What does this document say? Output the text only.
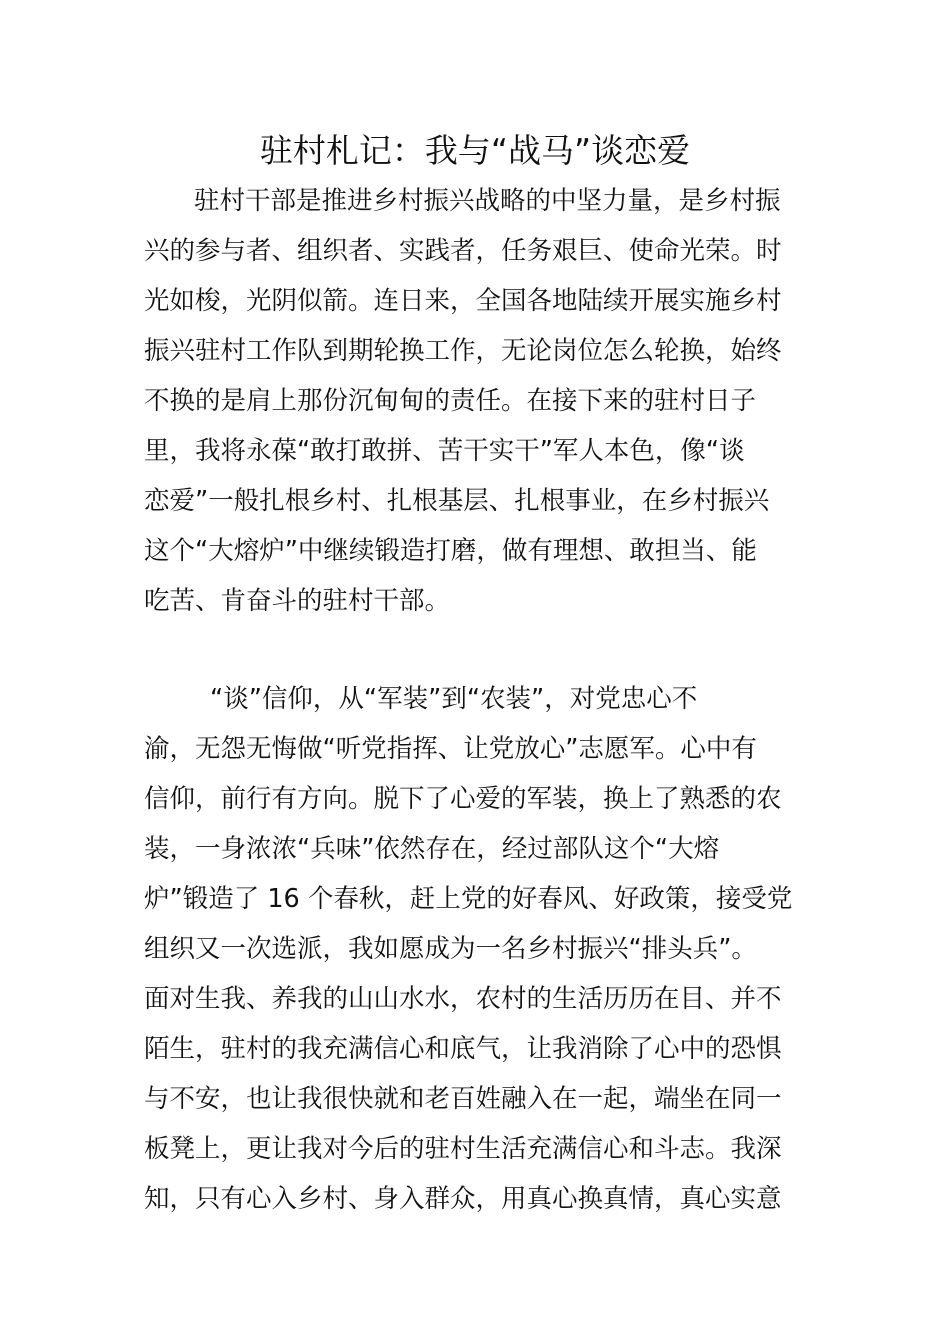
驻村札记：我与“战马”谈恋爱

驻村干部是推进乡村振兴战略的中坚力量，是乡村振

兴的参与者、组织者、实践者，任务艰巨、使命光荣。时

光如梭，光阴似箭。连日来，全国各地陆续开展实施乡村

振兴驻村工作队到期轮换工作，无论岗位怎么轮换，始终

不换的是肩上那份沉甸甸的责任。在接下来的驻村日子

里，我将永葆“敢打敢拼、苦干实干”军人本色，像“谈

恋爱”一般扎根乡村、扎根基层、扎根事业，在乡村振兴

这个“大熔炉”中继续锻造打磨，做有理想、敢担当、能

吃苦、肯奋斗的驻村干部。

“谈”信仰，从“军装”到“农装”，对党忠心不

渝，无怨无悔做“听党指挥、让党放心”志愿军。心中有

信仰，前行有方向。脱下了心爱的军装，换上了熟悉的农

装，一身浓浓“兵味”依然存在，经过部队这个“大熔

炉”锻造了 16 个春秋，赶上党的好春风、好政策，接受党

组织又一次选派，我如愿成为一名乡村振兴“排头兵”。

面对生我、养我的山山水水，农村的生活历历在目、并不

陌生，驻村的我充满信心和底气，让我消除了心中的恐惧

与不安，也让我很快就和老百姓融入在一起，端坐在同一

板凳上，更让我对今后的驻村生活充满信心和斗志。我深

知，只有心入乡村、身入群众，用真心换真情，真心实意
